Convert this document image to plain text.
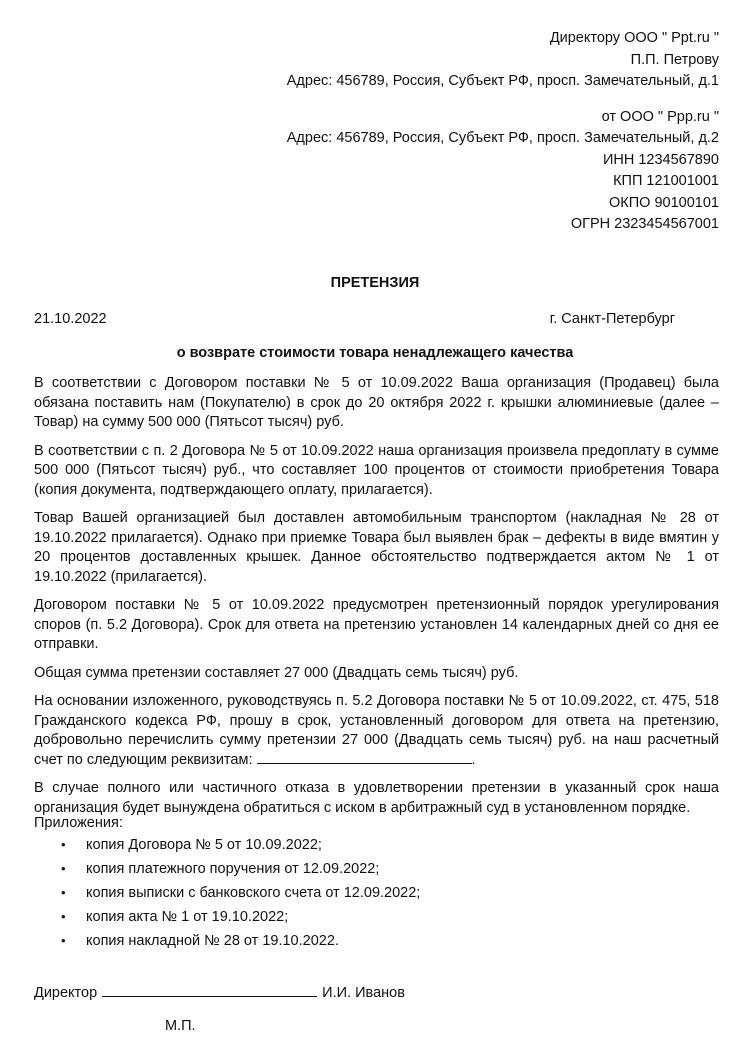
Директору ООО " Ppt.ru "
П.П. Петрову
Адрес: 456789, Россия, Субъект РФ, просп. Замечательный, д.1
от ООО " Ppp.ru "
Адрес: 456789, Россия, Субъект РФ, просп. Замечательный, д.2
ИНН 1234567890
КПП 121001001
ОКПО 90100101
ОГРН 2323454567001
ПРЕТЕНЗИЯ
21.10.2022	г. Санкт-Петербург
о возврате стоимости товара ненадлежащего качества

В соответствии с Договором поставки № 5 от 10.09.2022 Ваша организация (Продавец) была обязана поставить нам (Покупателю) в срок до 20 октября 2022 г. крышки алюминиевые (далее – Товар) на сумму 500 000 (Пятьсот тысяч) руб.

В соответствии с п. 2 Договора № 5 от 10.09.2022 наша организация произвела предоплату в сумме 500 000 (Пятьсот тысяч) руб., что составляет 100 процентов от стоимости приобретения Товара (копия документа, подтверждающего оплату, прилагается).

Товар Вашей организацией был доставлен автомобильным транспортом (накладная № 28 от 19.10.2022 прилагается). Однако при приемке Товара был выявлен брак – дефекты в виде вмятин у 20 процентов доставленных крышек. Данное обстоятельство подтверждается актом № 1 от 19.10.2022 (прилагается).

Договором поставки № 5 от 10.09.2022 предусмотрен претензионный порядок урегулирования споров (п. 5.2 Договора). Срок для ответа на претензию установлен 14 календарных дней со дня ее отправки.

Общая сумма претензии составляет 27 000 (Двадцать семь тысяч) руб.

На основании изложенного, руководствуясь п. 5.2 Договора поставки № 5 от 10.09.2022, ст. 475, 518 Гражданского кодекса РФ, прошу в срок, установленный договором для ответа на претензию, добровольно перечислить сумму претензии 27 000 (Двадцать семь тысяч) руб. на наш расчетный счет по следующим реквизитам:	.

В случае полного или частичного отказа в удовлетворении претензии в указанный срок наша организация будет вынуждена обратиться с иском в арбитражный суд в установленном порядке.

Приложения:
• копия Договора № 5 от 10.09.2022;
• копия платежного поручения от 12.09.2022;
• копия выписки с банковского счета от 12.09.2022;
• копия акта № 1 от 19.10.2022;
• копия накладной № 28 от 19.10.2022.
Директор	И.И. Иванов
М.П.
